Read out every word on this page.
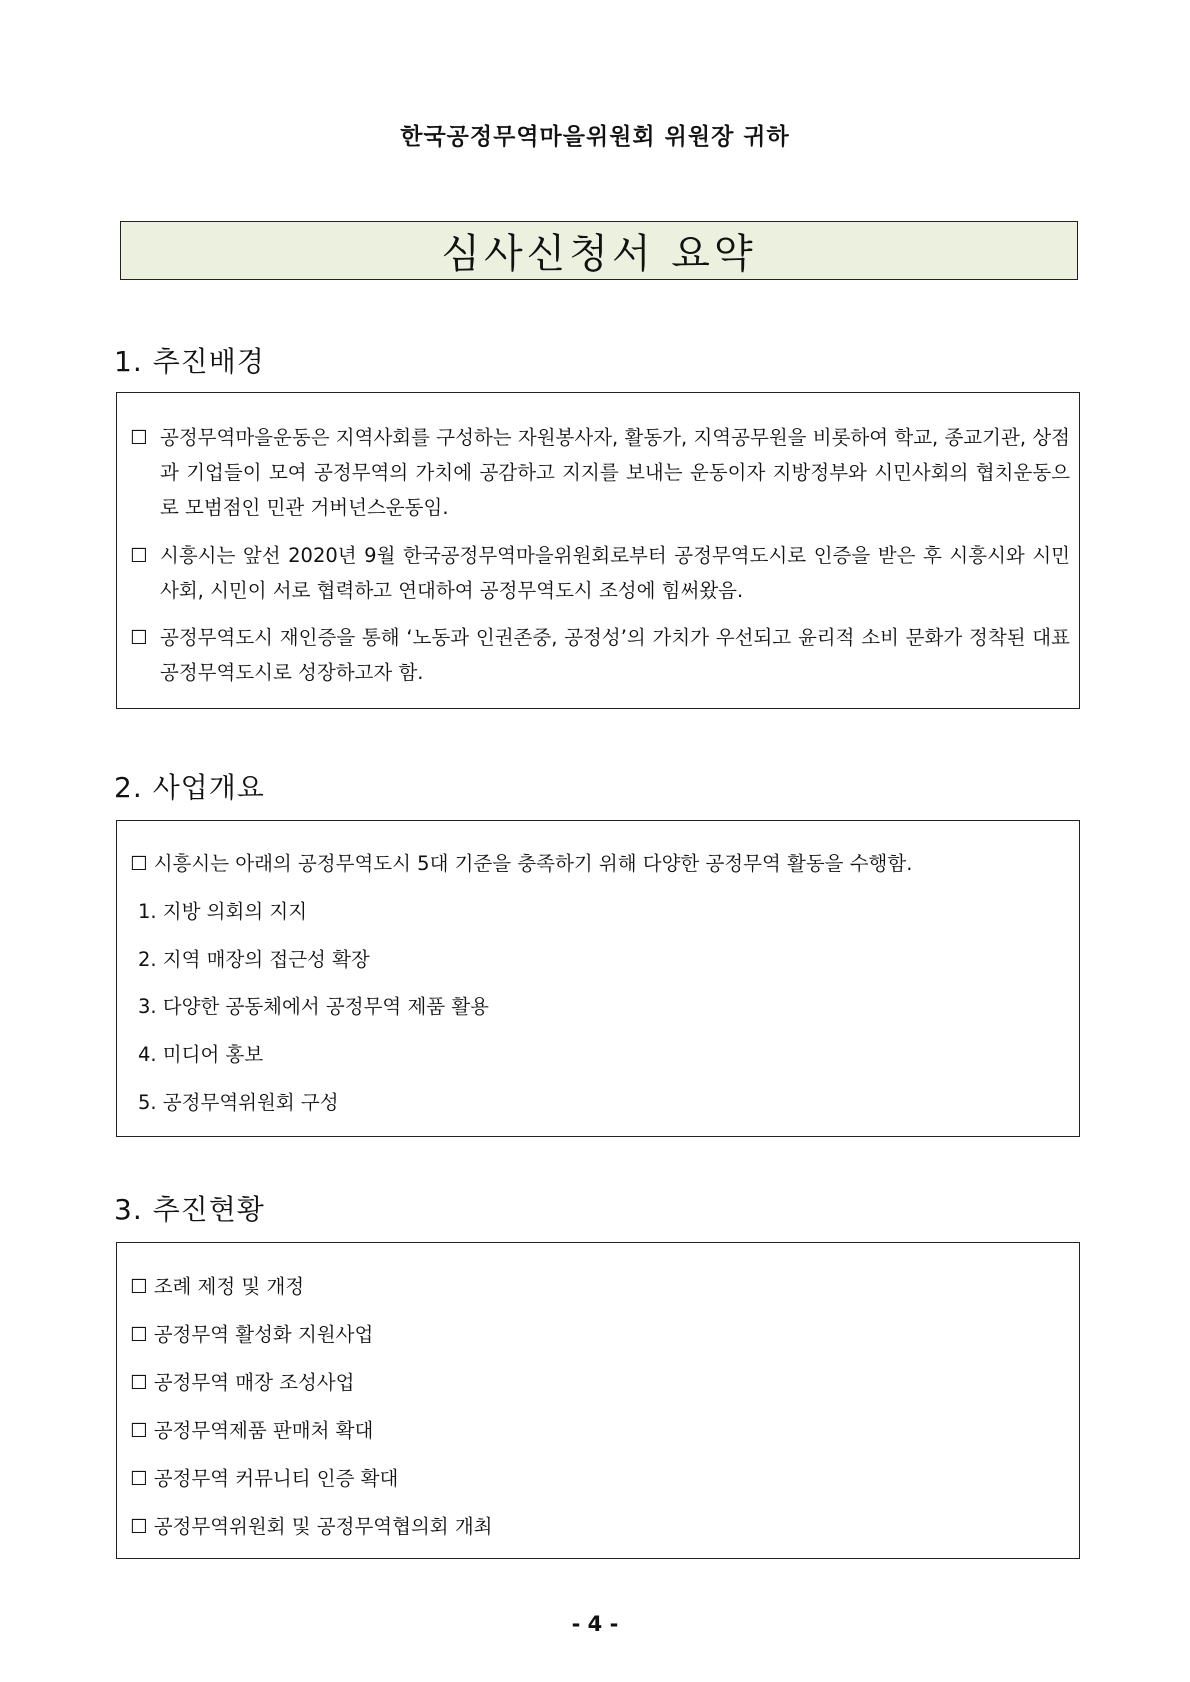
한국공정무역마을위원회 위원장 귀하
심사신청서 요약
1. 추진배경
☐ 공정무역마을운동은 지역사회를 구성하는 자원봉사자, 활동가, 지역공무원을 비롯하여 학교, 종교기관, 상점과 기업들이 모여 공정무역의 가치에 공감하고 지지를 보내는 운동이자 지방정부와 시민사회의 협치운동으로 모범점인 민관 거버넌스운동임.
☐ 시흥시는 앞선 2020년 9월 한국공정무역마을위원회로부터 공정무역도시로 인증을 받은 후 시흥시와 시민사회, 시민이 서로 협력하고 연대하여 공정무역도시 조성에 힘써왔음.
☐ 공정무역도시 재인증을 통해 ‘노동과 인권존중, 공정성’의 가치가 우선되고 윤리적 소비 문화가 정착된 대표 공정무역도시로 성장하고자 함.
2. 사업개요
☐ 시흥시는 아래의 공정무역도시 5대 기준을 충족하기 위해 다양한 공정무역 활동을 수행함.
1. 지방 의회의 지지
2. 지역 매장의 접근성 확장
3. 다양한 공동체에서 공정무역 제품 활용
4. 미디어 홍보
5. 공정무역위원회 구성
3. 추진현황
☐ 조례 제정 및 개정
☐ 공정무역 활성화 지원사업
☐ 공정무역 매장 조성사업
☐ 공정무역제품 판매처 확대
☐ 공정무역 커뮤니티 인증 확대
☐ 공정무역위원회 및 공정무역협의회 개최
- 4 -
